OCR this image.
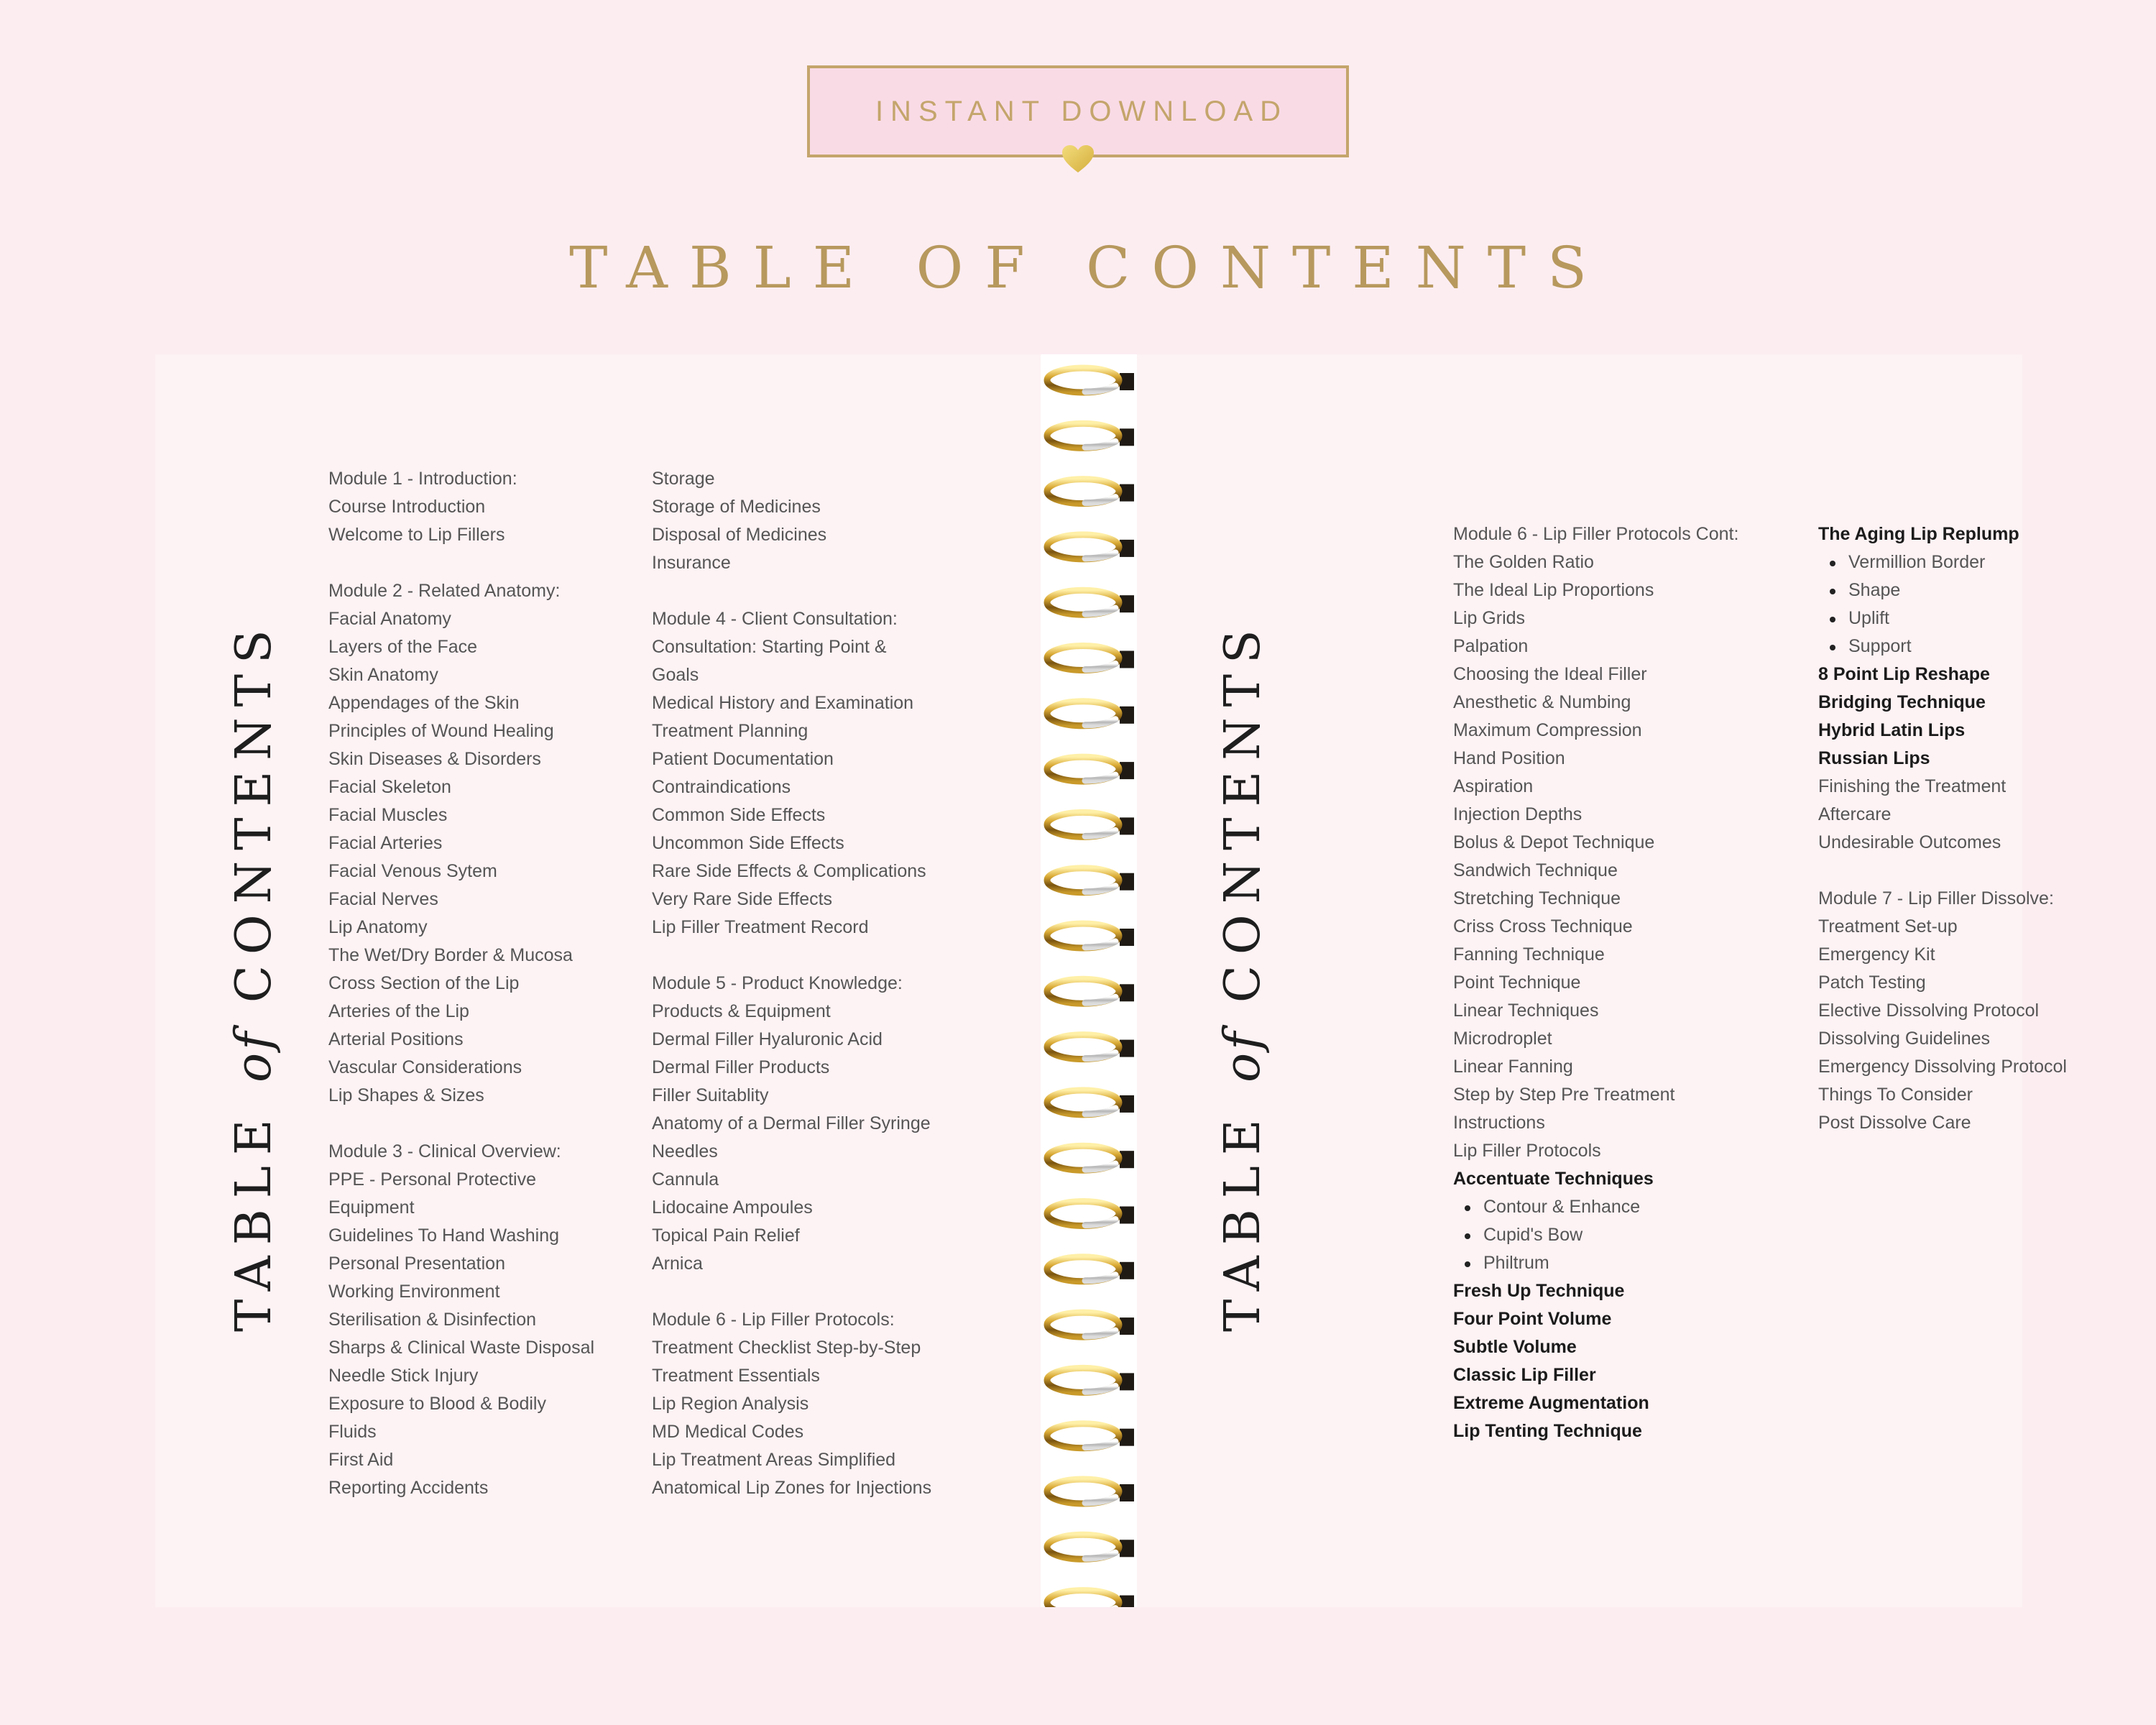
INSTANT DOWNLOAD
TABLE OF CONTENTS
TABLE of CONTENTS
Module 1 - Introduction:
Course Introduction
Welcome to Lip Fillers
Module 2 - Related Anatomy:
Facial Anatomy
Layers of the Face
Skin Anatomy
Appendages of the Skin
Principles of Wound Healing
Skin Diseases & Disorders
Facial Skeleton
Facial Muscles
Facial Arteries
Facial Venous Sytem
Facial Nerves
Lip Anatomy
The Wet/Dry Border & Mucosa
Cross Section of the Lip
Arteries of the Lip
Arterial Positions
Vascular Considerations
Lip Shapes & Sizes
Module 3 - Clinical Overview:
PPE - Personal Protective
Equipment
Guidelines To Hand Washing
Personal Presentation
Working Environment
Sterilisation & Disinfection
Sharps & Clinical Waste Disposal
Needle Stick Injury
Exposure to Blood & Bodily
Fluids
First Aid
Reporting Accidents
Storage
Storage of Medicines
Disposal of Medicines
Insurance
Module 4 - Client Consultation:
Consultation: Starting Point &
Goals
Medical History and Examination
Treatment Planning
Patient Documentation
Contraindications
Common Side Effects
Uncommon Side Effects
Rare Side Effects & Complications
Very Rare Side Effects
Lip Filler Treatment Record
Module 5 - Product Knowledge:
Products & Equipment
Dermal Filler Hyaluronic Acid
Dermal Filler Products
Filler Suitablity
Anatomy of a Dermal Filler Syringe
Needles
Cannula
Lidocaine Ampoules
Topical Pain Relief
Arnica
Module 6 - Lip Filler Protocols:
Treatment Checklist Step-by-Step
Treatment Essentials
Lip Region Analysis
MD Medical Codes
Lip Treatment Areas Simplified
Anatomical Lip Zones for Injections
TABLE of CONTENTS
Module 6 - Lip Filler Protocols Cont:
The Golden Ratio
The Ideal Lip Proportions
Lip Grids
Palpation
Choosing the Ideal Filler
Anesthetic & Numbing
Maximum Compression
Hand Position
Aspiration
Injection Depths
Bolus & Depot Technique
Sandwich Technique
Stretching Technique
Criss Cross Technique
Fanning Technique
Point Technique
Linear Techniques
Microdroplet
Linear Fanning
Step by Step Pre Treatment
Instructions
Lip Filler Protocols
Accentuate Techniques
Contour & Enhance
Cupid's Bow
Philtrum
Fresh Up Technique
Four Point Volume
Subtle Volume
Classic Lip Filler
Extreme Augmentation
Lip Tenting Technique
The Aging Lip Replump
Vermillion Border
Shape
Uplift
Support
8 Point Lip Reshape
Bridging Technique
Hybrid Latin Lips
Russian Lips
Finishing the Treatment
Aftercare
Undesirable Outcomes
Module 7 - Lip Filler Dissolve:
Treatment Set-up
Emergency Kit
Patch Testing
Elective Dissolving Protocol
Dissolving Guidelines
Emergency Dissolving Protocol
Things To Consider
Post Dissolve Care
